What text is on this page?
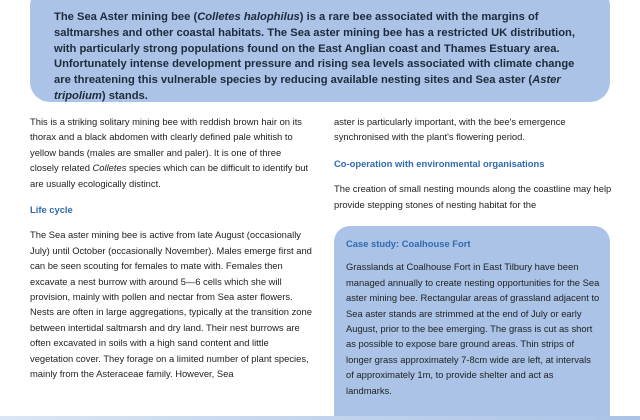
The Sea Aster mining bee (Colletes halophilus) is a rare bee associated with the margins of saltmarshes and other coastal habitats. The Sea aster mining bee has a restricted UK distribution, with particularly strong populations found on the East Anglian coast and Thames Estuary area. Unfortunately intense development pressure and rising sea levels associated with climate change are threatening this vulnerable species by reducing available nesting sites and Sea aster (Aster tripolium) stands.

This is a striking solitary mining bee with reddish brown hair on its thorax and a black abdomen with clearly defined pale whitish to yellow bands (males are smaller and paler). It is one of three closely related Colletes species which can be difficult to identify but are usually ecologically distinct.

Life cycle

The Sea aster mining bee is active from late August (occasionally July) until October (occasionally November). Males emerge first and can be seen scouting for females to mate with. Females then excavate a nest burrow with around 5—6 cells which she will provision, mainly with pollen and nectar from Sea aster flowers. Nests are often in large aggregations, typically at the transition zone between intertidal saltmarsh and dry land. Their nest burrows are often excavated in soils with a high sand content and little vegetation cover. They forage on a limited number of plant species, mainly from the Asteraceae family. However, Sea

aster is particularly important, with the bee's emergence synchronised with the plant's flowering period.

Co-operation with environmental organisations

The creation of small nesting mounds along the coastline may help provide stepping stones of nesting habitat for the

Case study: Coalhouse Fort

Grasslands at Coalhouse Fort in East Tilbury have been managed annually to create nesting opportunities for the Sea aster mining bee. Rectangular areas of grassland adjacent to Sea aster stands are strimmed at the end of July or early August, prior to the bee emerging. The grass is cut as short as possible to expose bare ground areas. Thin strips of longer grass approximately 7-8cm wide are left, at intervals of approximately 1m, to provide shelter and act as landmarks.
